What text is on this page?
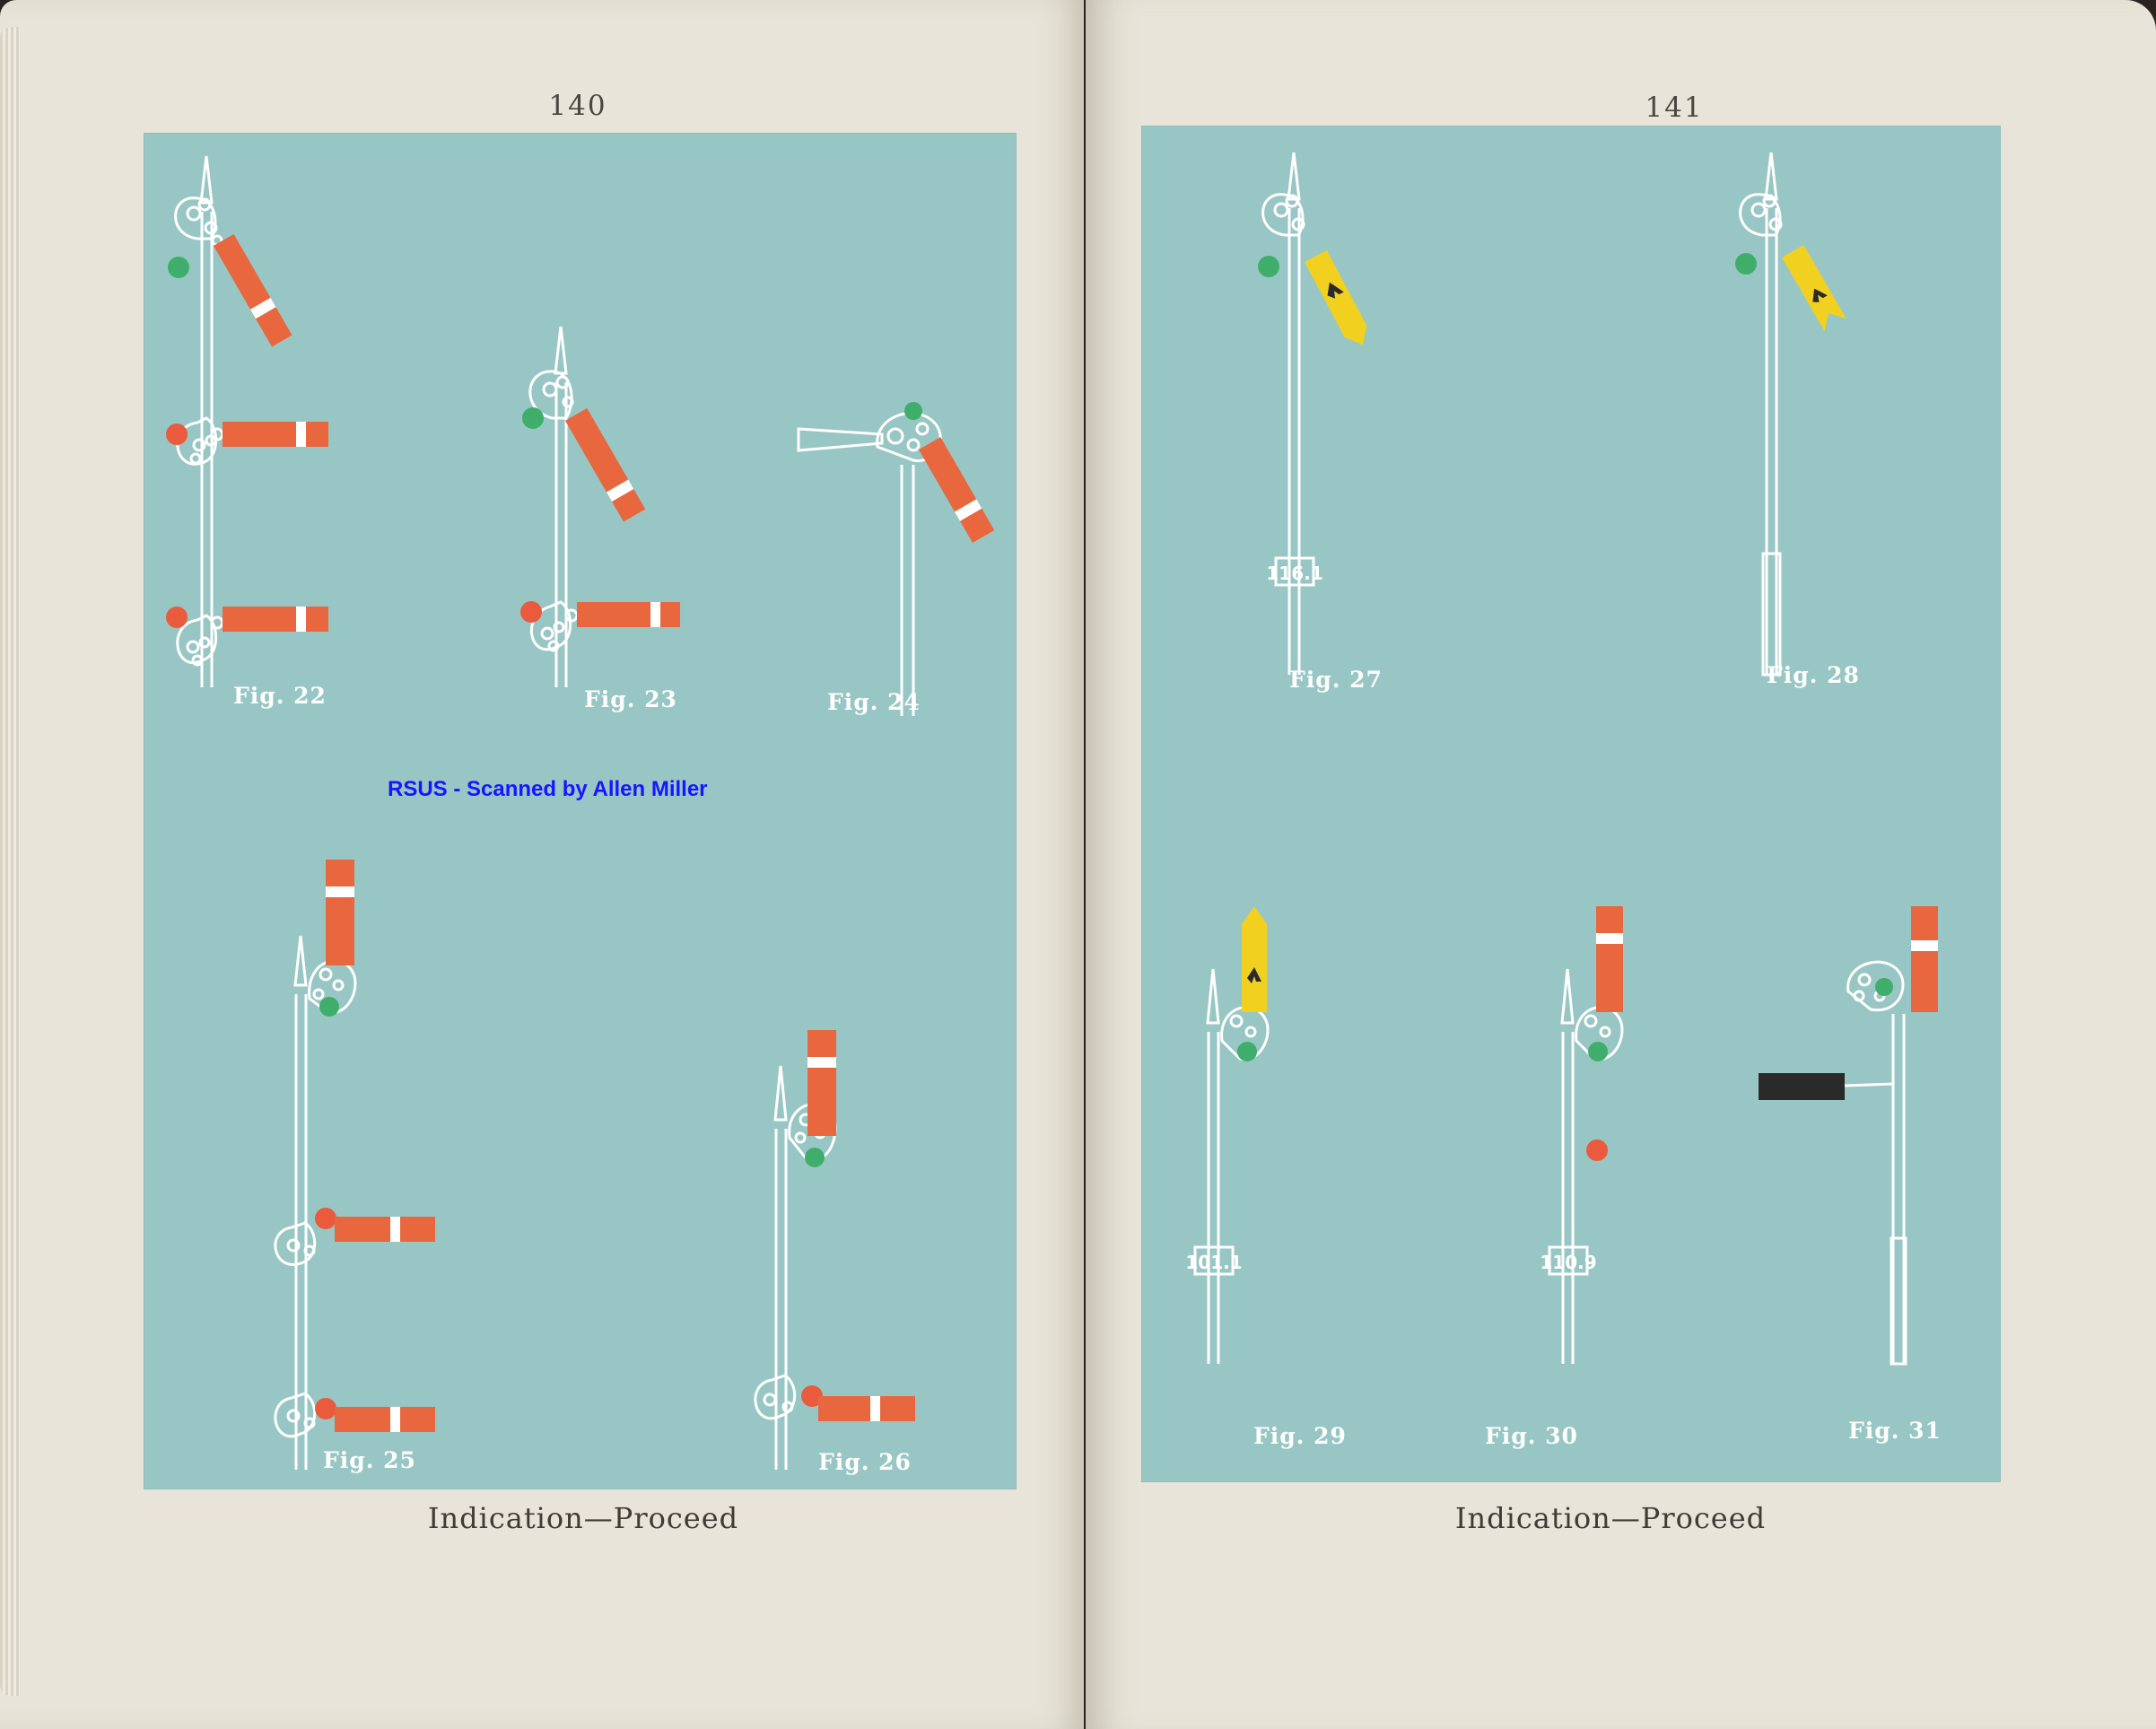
140
Fig. 22	Fig. 23	Fig. 24
Fig. 25	Fig. 26
RSUS - Scanned by Allen Miller
Indication—Proceed
141
116.1
Fig. 27	Fig. 28
101.1
Fig. 29
110.9
Fig. 30	Fig. 31
Indication—Proceed
